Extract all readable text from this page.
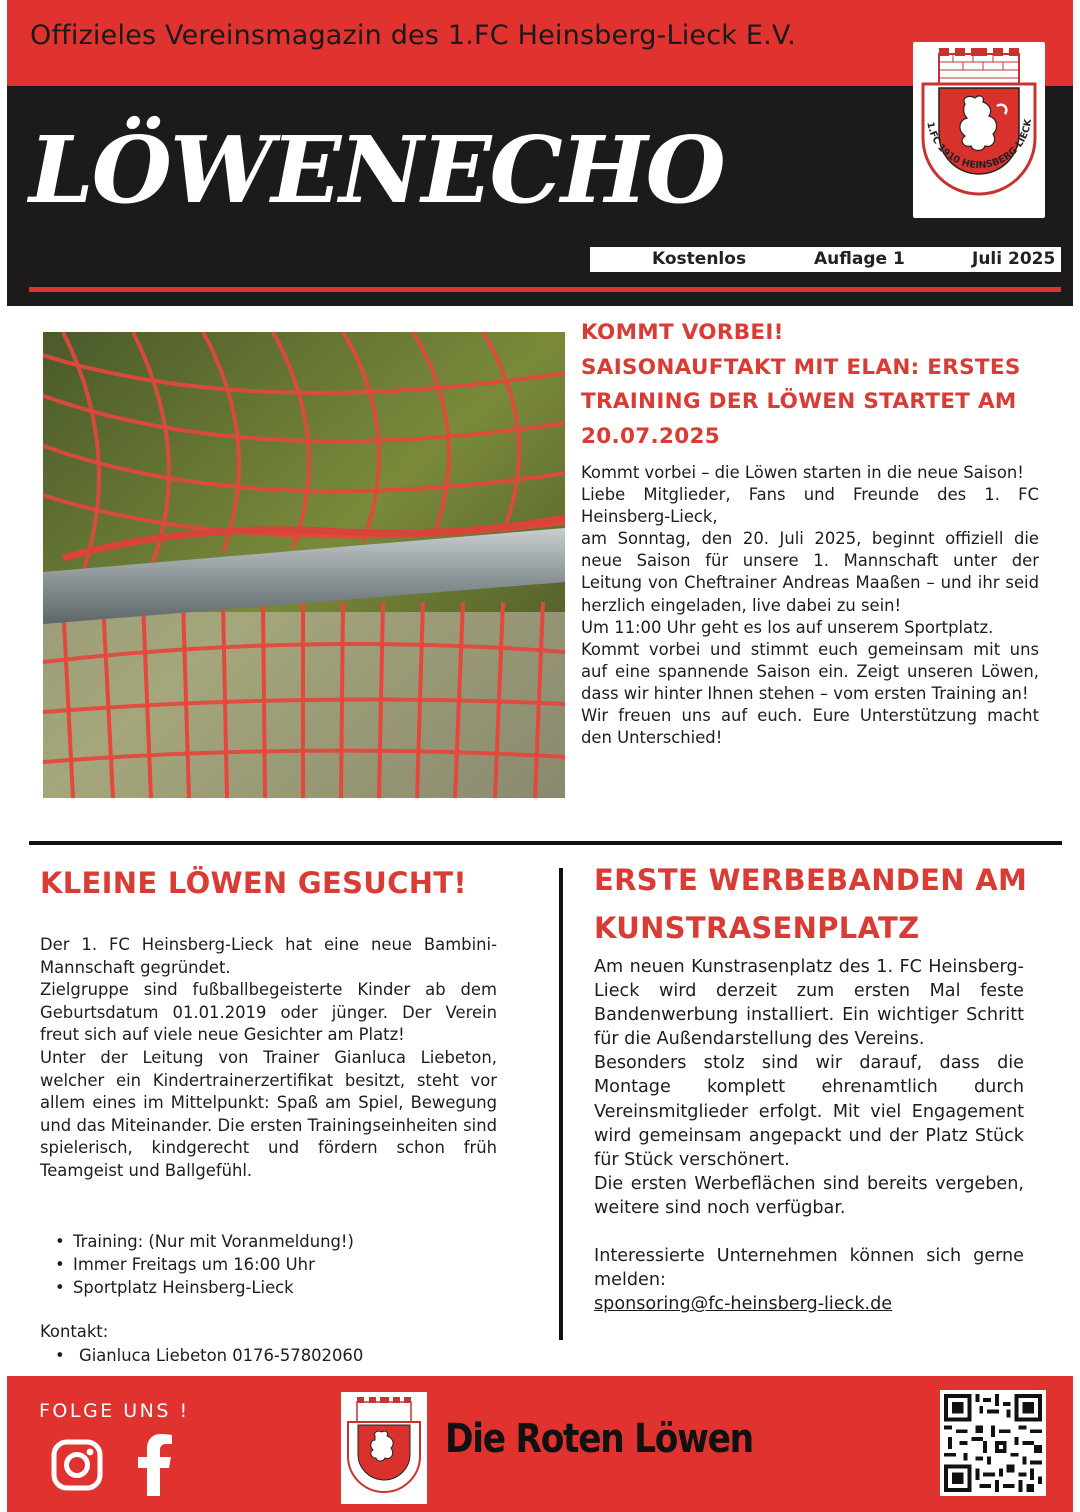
Offizieles Vereinsmagazin des 1.FC Heinsberg-Lieck E.V.
LÖWENECHO	1.FC 1910 HEINSBERG-LIECK
Kostenlos	Auflage 1	Juli 2025
KOMMT VORBEI!
SAISONAUFTAKT MIT ELAN: ERSTES
TRAINING DER LÖWEN STARTET AM
20.07.2025

Kommt vorbei – die Löwen starten in die neue Saison!

Liebe Mitglieder, Fans und Freunde des 1. FC Heinsberg-Lieck,

am Sonntag, den 20. Juli 2025, beginnt offiziell die neue Saison für unsere 1. Mannschaft unter der Leitung von Cheftrainer Andreas Maaßen – und ihr seid herzlich eingeladen, live dabei zu sein!

Um 11:00 Uhr geht es los auf unserem Sportplatz.

Kommt vorbei und stimmt euch gemeinsam mit uns auf eine spannende Saison ein. Zeigt unseren Löwen, dass wir hinter Ihnen stehen – vom ersten Training an!

Wir freuen uns auf euch. Eure Unterstützung macht den Unterschied!

KLEINE LÖWEN GESUCHT!

Der 1. FC Heinsberg-Lieck hat eine neue Bambini-Mannschaft gegründet.

Zielgruppe sind fußballbegeisterte Kinder ab dem Geburtsdatum 01.01.2019 oder jünger. Der Verein freut sich auf viele neue Gesichter am Platz!

Unter der Leitung von Trainer Gianluca Liebeton, welcher ein Kindertrainerzertifikat besitzt, steht vor allem eines im Mittelpunkt: Spaß am Spiel, Bewegung und das Miteinander. Die ersten Trainingseinheiten sind spielerisch, kindgerecht und fördern schon früh Teamgeist und Ballgefühl.

• Training: (Nur mit Voranmeldung!)
• Immer Freitags um 16:00 Uhr
• Sportplatz Heinsberg-Lieck
Kontakt:
• Gianluca Liebeton 0176-57802060
ERSTE WERBEBANDEN AM
KUNSTRASENPLATZ

Am neuen Kunstrasenplatz des 1. FC Heinsberg-Lieck wird derzeit zum ersten Mal feste Bandenwerbung installiert. Ein wichtiger Schritt für die Außendarstellung des Vereins.

Besonders stolz sind wir darauf, dass die Montage komplett ehrenamtlich durch Vereinsmitglieder erfolgt. Mit viel Engagement wird gemeinsam angepackt und der Platz Stück für Stück verschönert.

Die ersten Werbeflächen sind bereits vergeben, weitere sind noch verfügbar.

Interessierte Unternehmen können sich gerne melden:

sponsoring@fc-heinsberg-lieck.de
FOLGE UNS !
Die Roten Löwen
